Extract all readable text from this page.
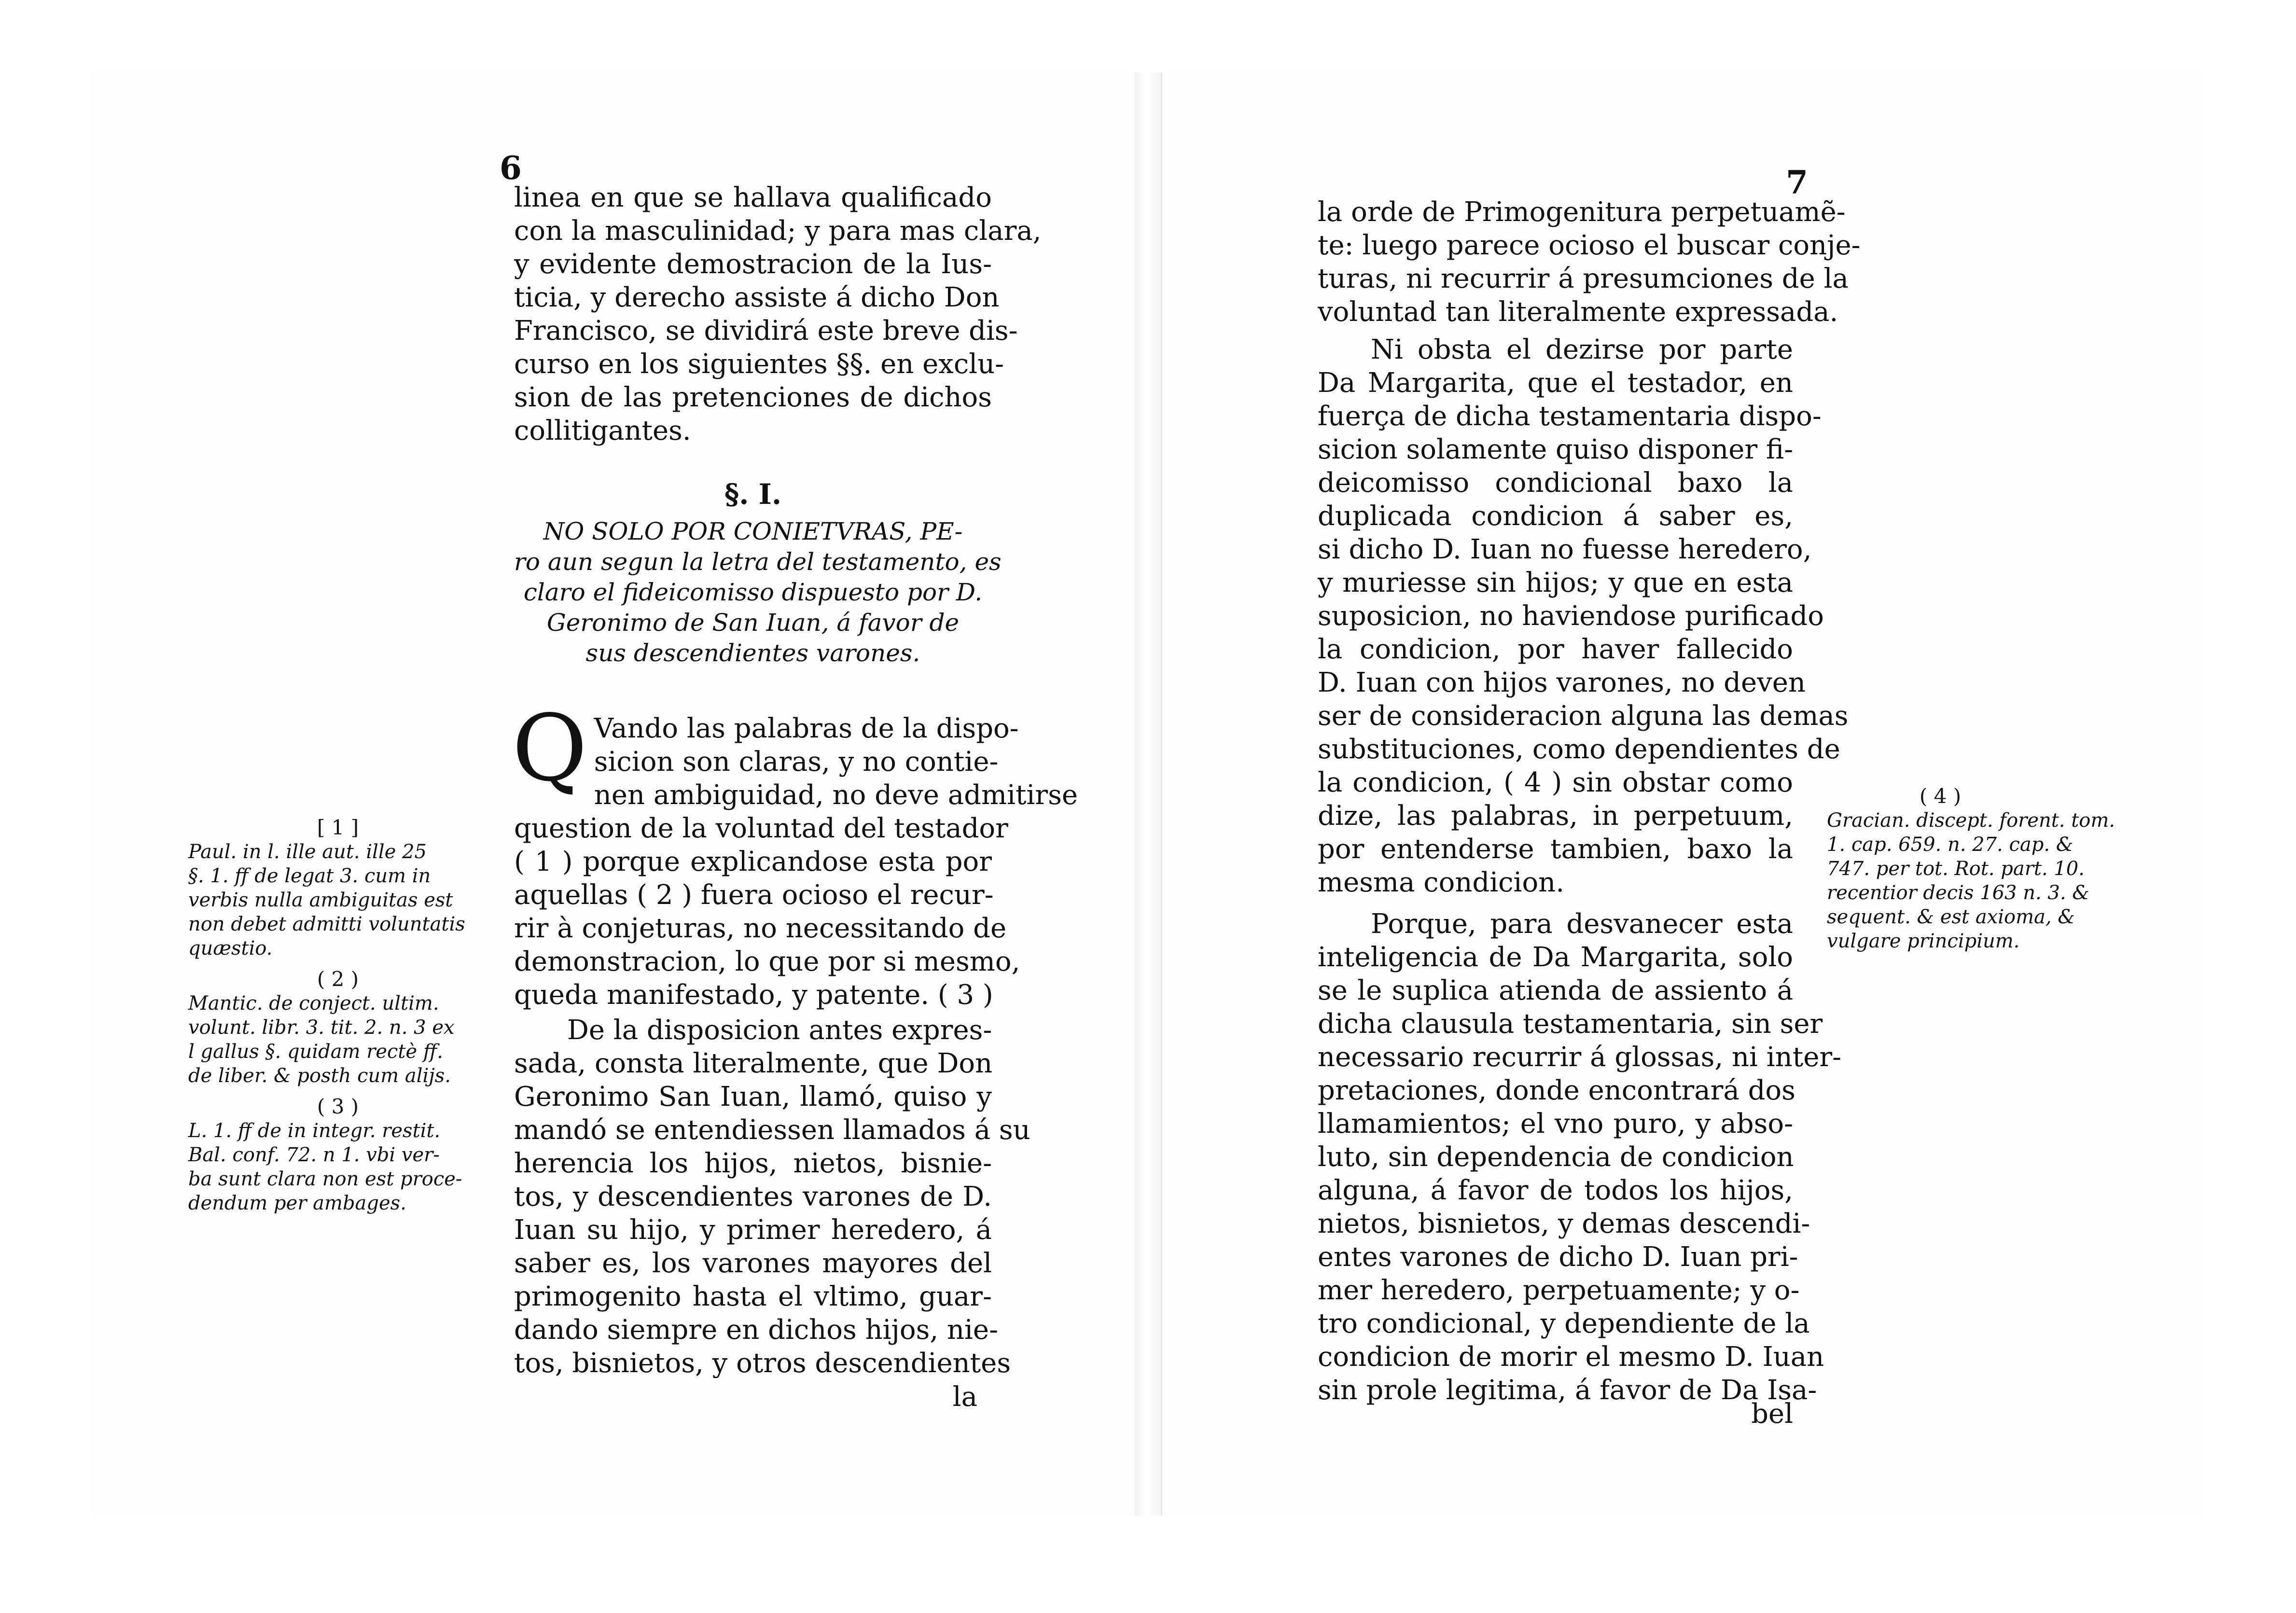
6
linea en que se hallava qualificado
con la masculinidad; y para mas clara,
y evidente demostracion de la Ius-
ticia, y derecho assiste á dicho Don
Francisco, se dividirá este breve dis-
curso en los siguientes §§. en exclu-
sion de las pretenciones de dichos
collitigantes.
§. I.
NO SOLO POR CONIETVRAS, PE-
ro aun segun la letra del testamento, es
claro el fideicomisso dispuesto por D.
Geronimo de San Iuan, á favor de
sus descendientes varones.
Q Vando las palabras de la dispo-
sicion son claras, y no contie-
nen ambiguidad, no deve admitirse
question de la voluntad del testador
( 1 ) porque explicandose esta por
aquellas ( 2 ) fuera ocioso el recur-
rir à conjeturas, no necessitando de
demonstracion, lo que por si mesmo,
queda manifestado, y patente. ( 3 )
De la disposicion antes expres-
sada, consta literalmente, que Don
Geronimo San Iuan, llamó, quiso y
mandó se entendiessen llamados á su
herencia los hijos, nietos, bisnie-
tos, y descendientes varones de D.
Iuan su hijo, y primer heredero, á
saber es, los varones mayores del
primogenito hasta el vltimo, guar-
dando siempre en dichos hijos, nie-
tos, bisnietos, y otros descendientes
la
[ 1 ]
Paul. in l. ille aut. ille 25
§. 1. ff de legat 3. cum in
verbis nulla ambiguitas est
non debet admitti voluntatis
quæstio.
( 2 )
Mantic. de conject. ultim.
volunt. libr. 3. tit. 2. n. 3 ex
l gallus §. quidam rectè ff.
de liber. & posth cum alijs.
( 3 )
L. 1. ff de in integr. restit.
Bal. conf. 72. n 1. vbi ver-
ba sunt clara non est proce-
dendum per ambages.
7
la orde de Primogenitura perpetuamẽ-
te: luego parece ocioso el buscar conje-
turas, ni recurrir á presumciones de la
voluntad tan literalmente expressada.
Ni obsta el dezirse por parte
Da Margarita, que el testador, en
fuerça de dicha testamentaria dispo-
sicion solamente quiso disponer fi-
deicomisso condicional baxo la
duplicada condicion á saber es,
si dicho D. Iuan no fuesse heredero,
y muriesse sin hijos; y que en esta
suposicion, no haviendose purificado
la condicion, por haver fallecido
D. Iuan con hijos varones, no deven
ser de consideracion alguna las demas
substituciones, como dependientes de
la condicion, ( 4 ) sin obstar como
dize, las palabras, in perpetuum,
por entenderse tambien, baxo la
mesma condicion.
Porque, para desvanecer esta
inteligencia de Da Margarita, solo
se le suplica atienda de assiento á
dicha clausula testamentaria, sin ser
necessario recurrir á glossas, ni inter-
pretaciones, donde encontrará dos
llamamientos; el vno puro, y abso-
luto, sin dependencia de condicion
alguna, á favor de todos los hijos,
nietos, bisnietos, y demas descendi-
entes varones de dicho D. Iuan pri-
mer heredero, perpetuamente; y o-
tro condicional, y dependiente de la
condicion de morir el mesmo D. Iuan
sin prole legitima, á favor de Da Isa-
bel
( 4 )
Gracian. discept. forent. tom.
1. cap. 659. n. 27. cap. &
747. per tot. Rot. part. 10.
recentior decis 163 n. 3. &
sequent. & est axioma, &
vulgare principium.
